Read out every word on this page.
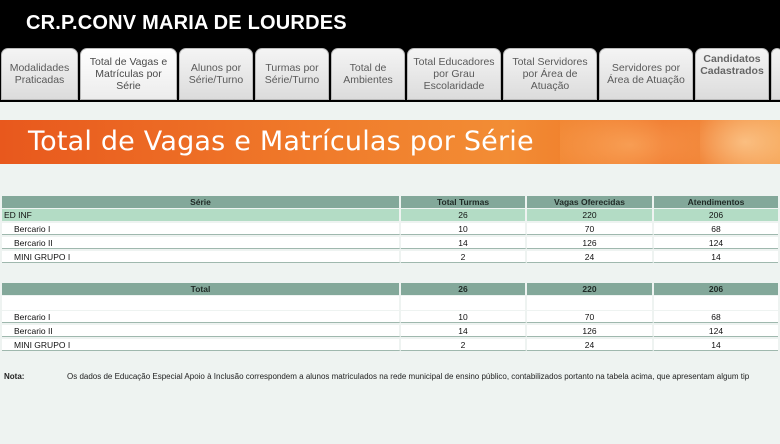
CR.P.CONV MARIA DE LOURDES
Modalidades Praticadas
Total de Vagas e Matrículas por Série
Alunos por Série/Turno
Turmas por Série/Turno
Total de Ambientes
Total Educadores por Grau Escolaridade
Total Servidores por Área de Atuação
Servidores por Área de Atuação
Candidatos Cadastrados
Total de Vagas e Matrículas por Série
Série	Total Turmas	Vagas Oferecidas	Atendimentos
ED INF	26	220	206
Bercario I	10	70	68
Bercario II	14	126	124
MINI GRUPO I	2	24	14
Total	26	220	206
Bercario I	10	70	68
Bercario II	14	126	124
MINI GRUPO I	2	24	14
Nota:	Os dados de Educação Especial Apoio à Inclusão correspondem a alunos matriculados na rede municipal de ensino público, contabilizados portanto na tabela acima, que apresentam algum tip
